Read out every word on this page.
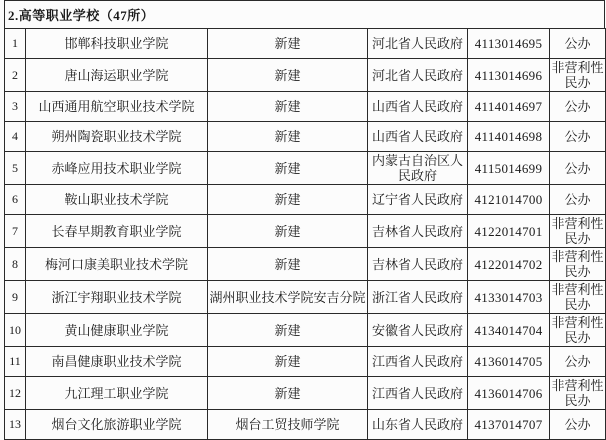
2.高等职业学校（47所）
1	邯郸科技职业学院	新建	河北省人民政府	4113014695	公办
2	唐山海运职业学院	新建	河北省人民政府	4113014696	非营利性民办
3	山西通用航空职业技术学院	新建	山西省人民政府	4114014697	公办
4	朔州陶瓷职业技术学院	新建	山西省人民政府	4114014698	公办
5	赤峰应用技术职业学院	新建	内蒙古自治区人民政府	4115014699	公办
6	鞍山职业技术学院	新建	辽宁省人民政府	4121014700	公办
7	长春早期教育职业学院	新建	吉林省人民政府	4122014701	非营利性民办
8	梅河口康美职业技术学院	新建	吉林省人民政府	4122014702	非营利性民办
9	浙江宇翔职业技术学院	湖州职业技术学院安吉分院	浙江省人民政府	4133014703	非营利性民办
10	黄山健康职业学院	新建	安徽省人民政府	4134014704	非营利性民办
11	南昌健康职业技术学院	新建	江西省人民政府	4136014705	公办
12	九江理工职业学院	新建	江西省人民政府	4136014706	非营利性民办
13	烟台文化旅游职业学院	烟台工贸技师学院	山东省人民政府	4137014707	公办
